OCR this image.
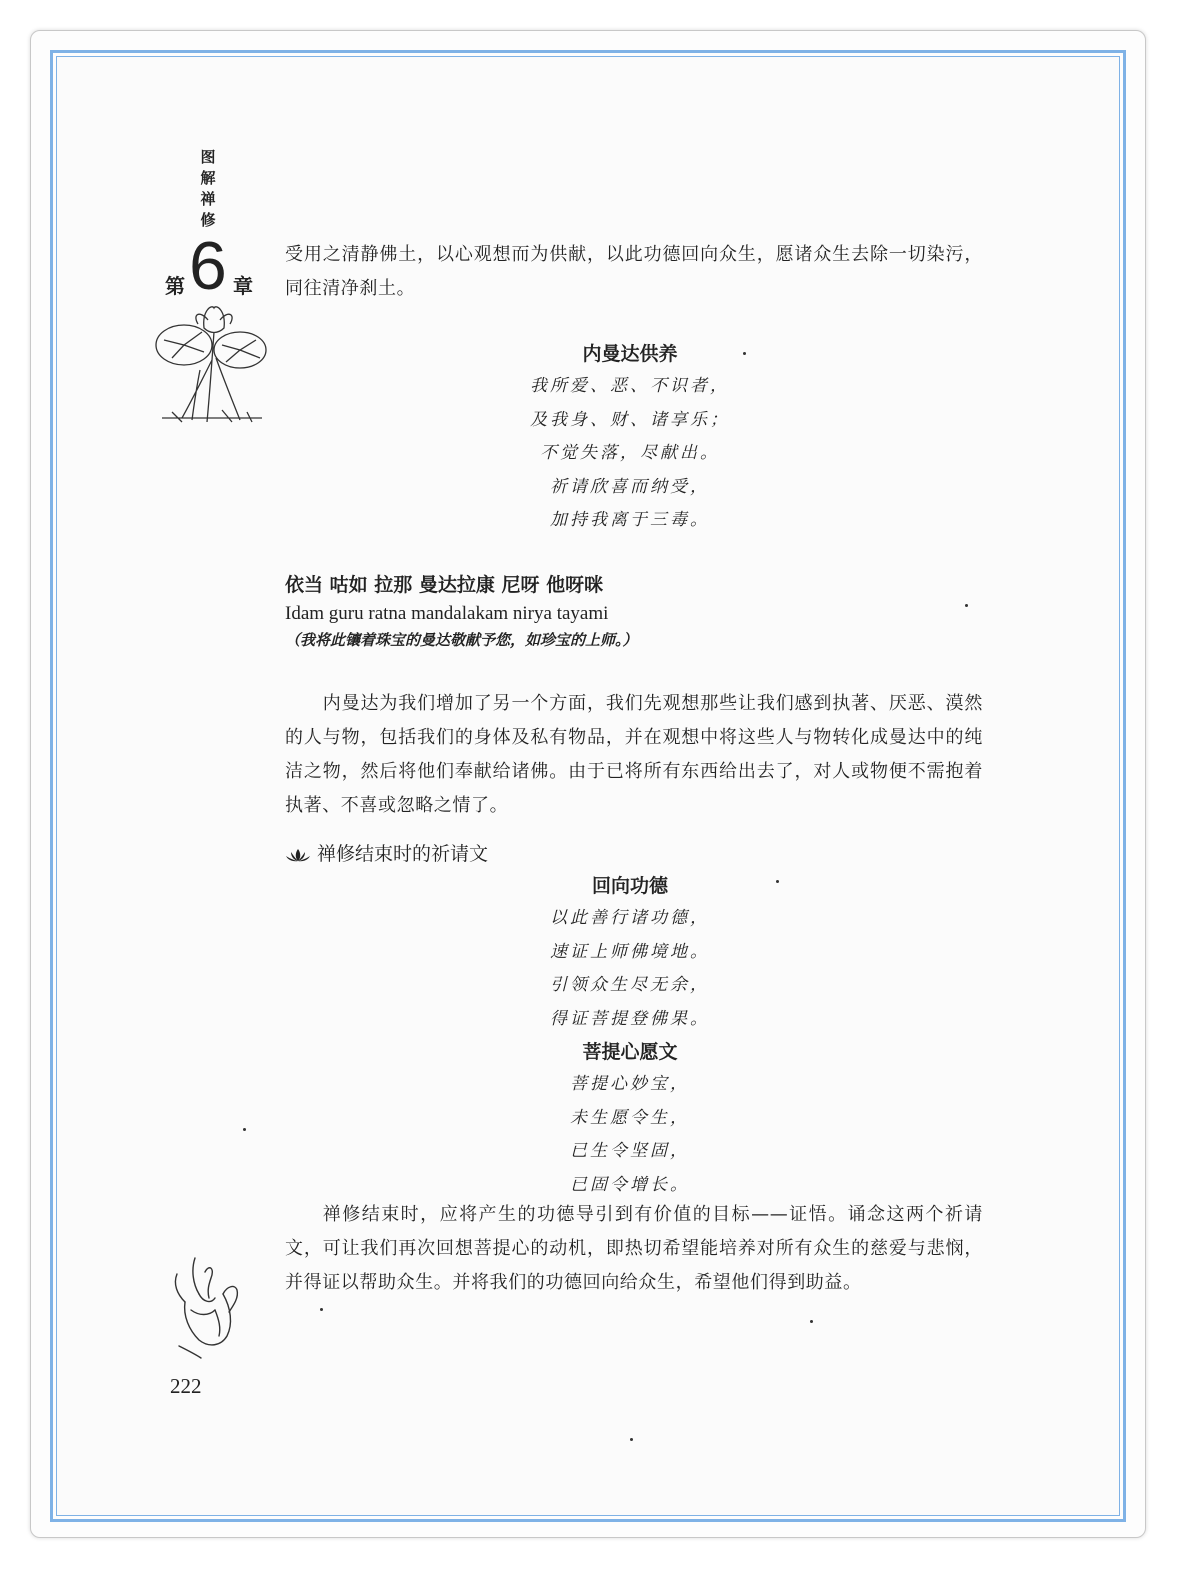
图解禅修
第 6 章

受用之清静佛土，以心观想而为供献，以此功德回向众生，愿诸众生去除一切染污，同往清净刹土。

内曼达供养
我所爱、恶、不识者，
及我身、财、诸享乐；
不觉失落，尽献出。
祈请欣喜而纳受，
加持我离于三毒。
依当 咕如 拉那 曼达拉康 尼呀 他呀咪
Idam guru ratna mandalakam nirya tayami
（我将此镶着珠宝的曼达敬献予您，如珍宝的上师。）

内曼达为我们增加了另一个方面，我们先观想那些让我们感到执著、厌恶、漠然的人与物，包括我们的身体及私有物品，并在观想中将这些人与物转化成曼达中的纯洁之物，然后将他们奉献给诸佛。由于已将所有东西给出去了，对人或物便不需抱着执著、不喜或忽略之情了。

禅修结束时的祈请文
回向功德
以此善行诸功德，
速证上师佛境地。
引领众生尽无余，
得证菩提登佛果。
菩提心愿文
菩提心妙宝，
未生愿令生，
已生令坚固，
已固令增长。

禅修结束时，应将产生的功德导引到有价值的目标——证悟。诵念这两个祈请文，可让我们再次回想菩提心的动机，即热切希望能培养对所有众生的慈爱与悲悯，并得证以帮助众生。并将我们的功德回向给众生，希望他们得到助益。

222
